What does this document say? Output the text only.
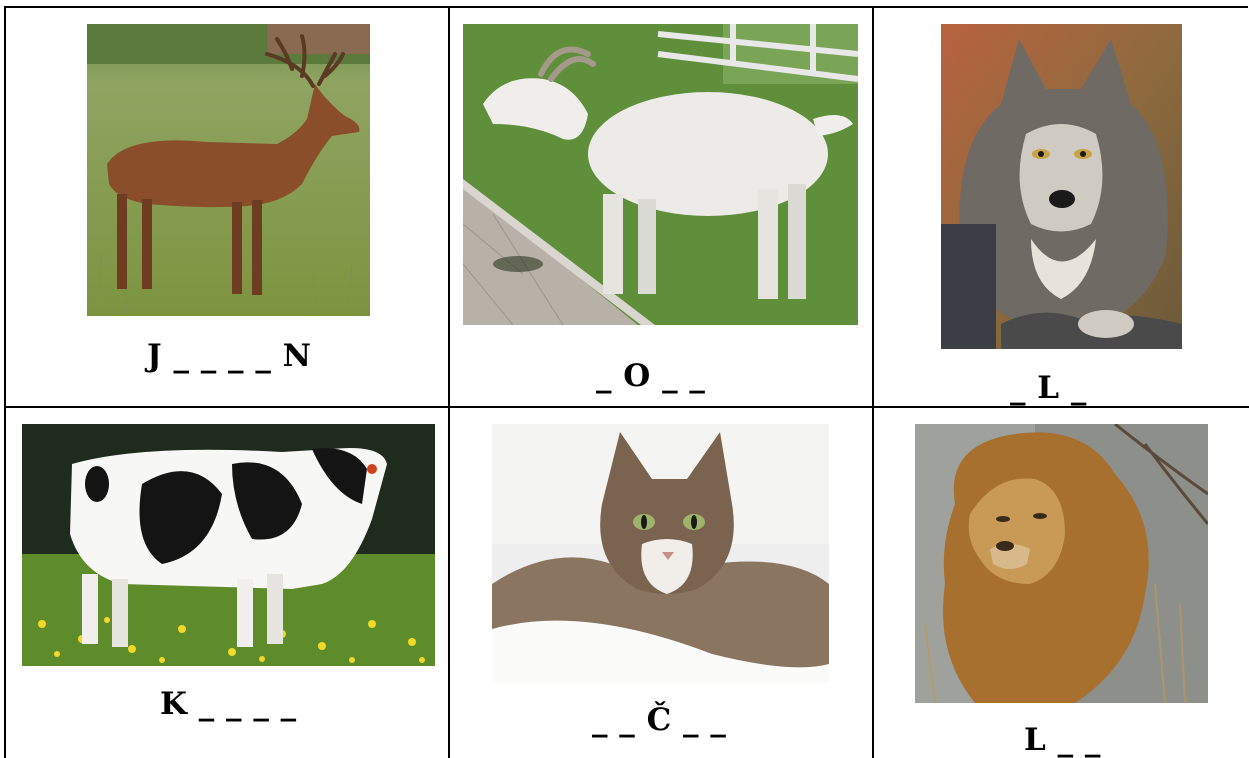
J _ _ _ _ N
_ O _ _	_ L _
K _ _ _ _	_ _ Č _ _
L _ _
